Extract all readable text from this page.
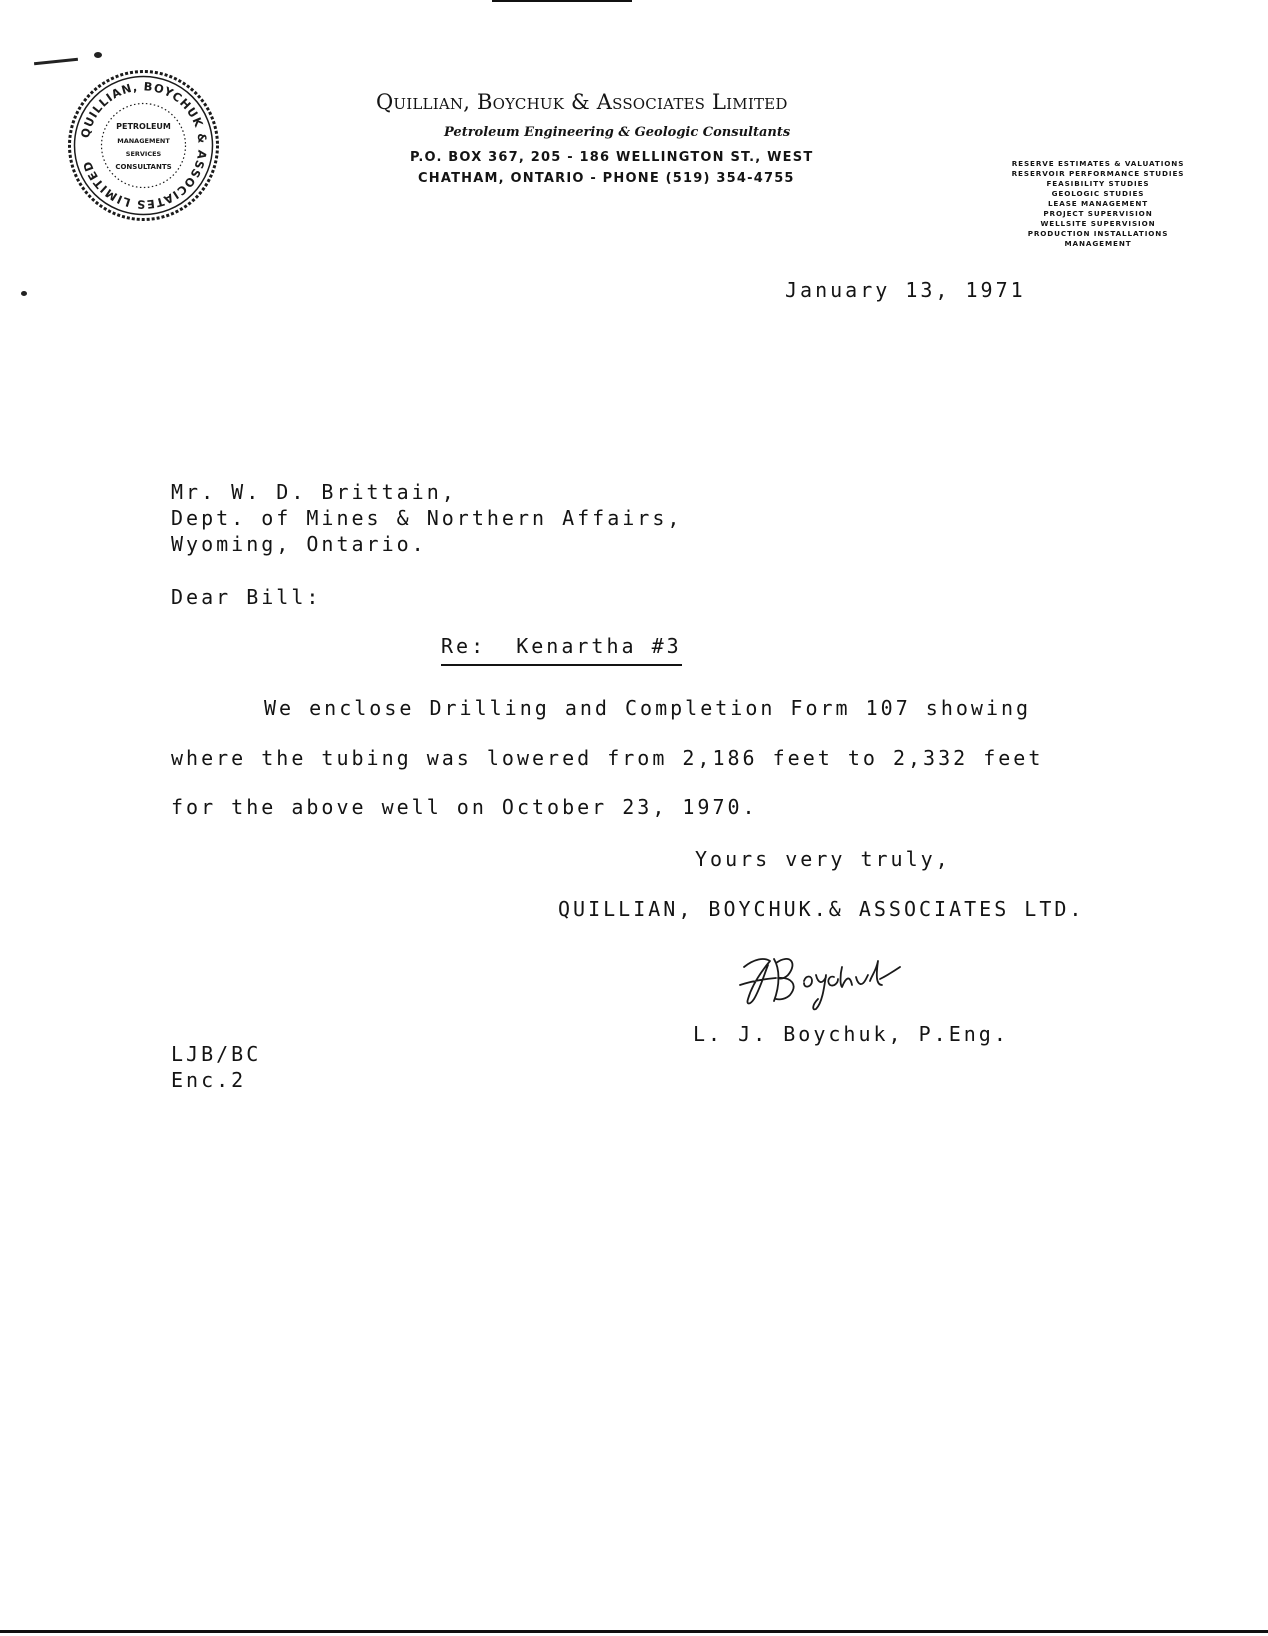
QUILLIAN, BOYCHUK & ASSOCIATES LIMITED
PETROLEUM
MANAGEMENT
SERVICES
CONSULTANTS
Quillian, Boychuk & Associates Limited
Petroleum Engineering & Geologic Consultants
P.O. BOX 367, 205 - 186 WELLINGTON ST., WEST
CHATHAM, ONTARIO - PHONE (519) 354-4755
RESERVE ESTIMATES & VALUATIONS
RESERVOIR PERFORMANCE STUDIES
FEASIBILITY STUDIES
GEOLOGIC STUDIES
LEASE MANAGEMENT
PROJECT SUPERVISION
WELLSITE SUPERVISION
PRODUCTION INSTALLATIONS
MANAGEMENT
January 13, 1971
Mr. W. D. Brittain,
Dept. of Mines & Northern Affairs,
Wyoming, Ontario.
Dear Bill:
Re:  Kenartha #3
We enclose Drilling and Completion Form 107 showing
where the tubing was lowered from 2,186 feet to 2,332 feet
for the above well on October 23, 1970.
Yours very truly,
QUILLIAN, BOYCHUK.& ASSOCIATES LTD.
L. J. Boychuk, P.Eng.
LJB/BC
Enc.2
